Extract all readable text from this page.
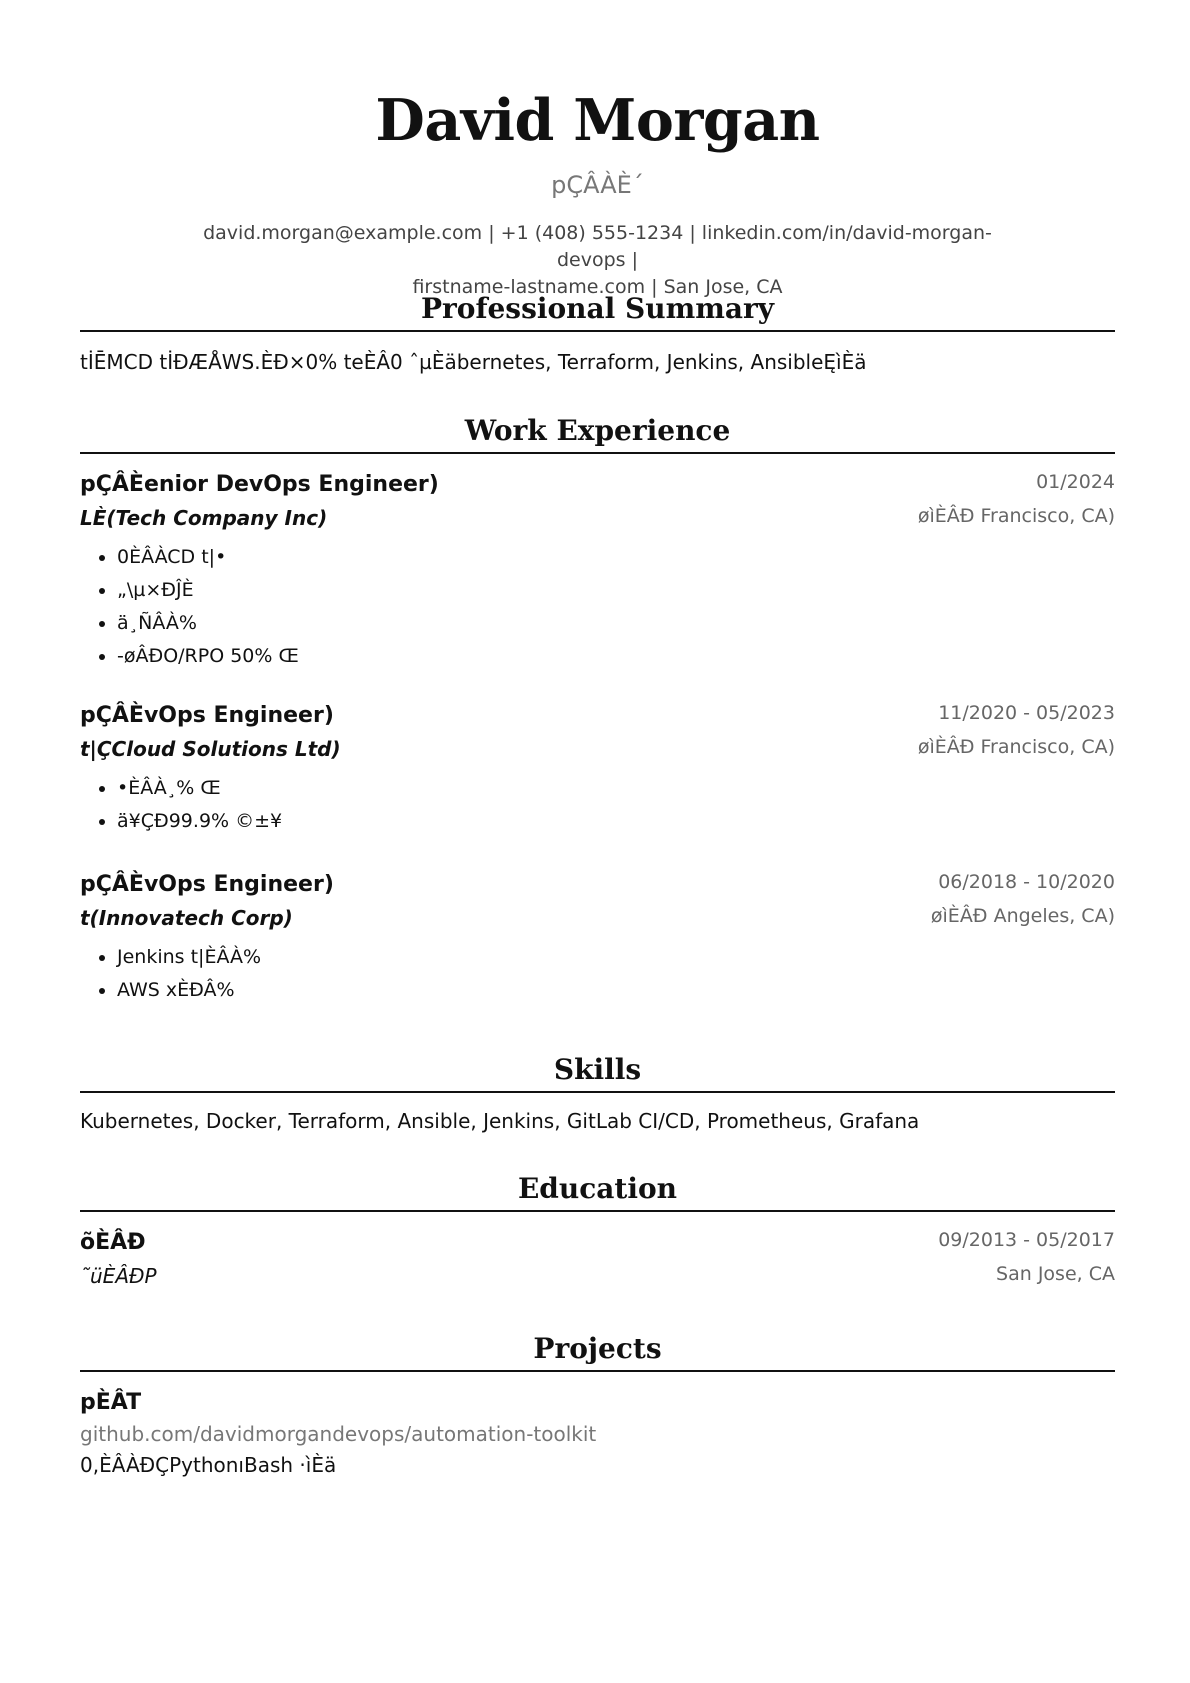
David Morgan
pÇÂÀÈ´
david.morgan@example.com | +1 (408) 555-1234 | linkedin.com/in/david-morgan-devops |
firstname-lastname.com | San Jose, CA
Professional Summary
tİĒMCD tİĐÆÅWS.ÈĐ×0% teÈÂ0 ˆµÈäbernetes, Terraform, Jenkins, AnsibleĘìÈä
Work Experience
pÇÂÈenior DevOps Engineer)	01/2024
LÈ(Tech Company Inc)	øìÈÂÐ Francisco, CA)
• 0ÈÂÀCD t|•
• „\µ×ÐĴÈ
• ä¸ÑÂÀ%
• -øÂÐO/RPO 50% Œ
pÇÂÈvOps Engineer)	11/2020 - 05/2023
t|ÇCloud Solutions Ltd)	øìÈÂÐ Francisco, CA)
• •ÈÂÀ¸% Œ
• ä¥ÇÐ99.9% ©±¥
pÇÂÈvOps Engineer)	06/2018 - 10/2020
t(Innovatech Corp)	øìÈÂÐ Angeles, CA)
• Jenkins t|ÈÂÀ%
• AWS xÈÐÂ%
Skills
Kubernetes, Docker, Terraform, Ansible, Jenkins, GitLab CI/CD, Prometheus, Grafana
Education
õÈÂÐ	09/2013 - 05/2017
˜üÈÂÐP	San Jose, CA
Projects
pÈÂT
github.com/davidmorgandevops/automation-toolkit
0,ÈÂÀÐÇPythonıBash ·ìÈä
